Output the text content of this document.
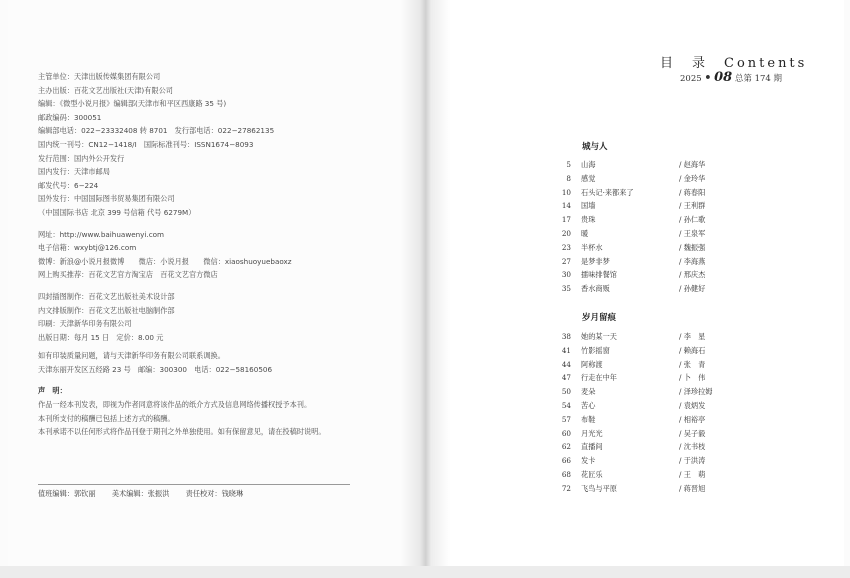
主管单位：天津出版传媒集团有限公司
主办出版：百花文艺出版社(天津)有限公司
编辑：《微型小说月报》编辑部(天津市和平区西康路 35 号)
邮政编码：300051
编辑部电话：022−23332408 转 8701　发行部电话：022−27862135
国内统一刊号：CN12−1418/I　国际标准刊号：ISSN1674−8093
发行范围：国内外公开发行
国内发行：天津市邮局
邮发代号：6−224
国外发行：中国国际图书贸易集团有限公司
（中国国际书店 北京 399 号信箱 代号 6279M）
网址：http://www.baihuawenyi.com
电子信箱：wxybtj@126.com
微博：新浪@小说月报微博　　微店：小说月报　　微信：xiaoshuoyuebaoxz
网上购买推荐：百花文艺官方淘宝店　百花文艺官方微店
四封插图制作：百花文艺出版社美术设计部
内文排版制作：百花文艺出版社电脑制作部
印刷：天津新华印务有限公司
出版日期：每月 15 日　定价：8.00 元
如有印装质量问题，请与天津新华印务有限公司联系调换。
天津东丽开发区五经路 23 号　邮编：300300　电话：022−58160506
声　明：
作品一经本刊发表，即视为作者同意将该作品的纸介方式及信息网络传播权授予本刊。
本刊所支付的稿酬已包括上述方式的稿酬。
本刊承诺不以任何形式将作品刊登于期刊之外单独使用。如有保留意见，请在投稿时说明。
值班编辑：郭钦丽 美术编辑：张振洪 责任校对：钱晓琳
目　录　Contents
2025 • 08 总第 174 期
城与人
5 山海	/ 赵海华
8 感觉	/ 金玲华
10 石头记·来都来了	/ 蒋春阳
14 国墙	/ 王利群
17 贵珠	/ 孙仁歌
20 暖	/ 王泉军
23 半杯水	/ 魏振强
27 是梦非梦	/ 李海燕
30 擂味排餐馆	/ 邢庆杰
35 香水商贩	/ 孙健好
岁月留痕
38 她的某一天	/ 李　星
41 竹影摇窗	/ 赖海石
44 阿称渡	/ 张　青
47 行走在中年	/ 卜　伟
50 麦朵	/ 泽珍拉姆
54 苦心	/ 袁炳发
57 布鞋	/ 相裕亭
60 月光光	/ 吴子毅
62 直播间	/ 沈书枝
66 发卡	/ 于洪涛
68 花匠乐	/ 王　萌
72 飞鸟与平原	/ 蒋晋旭
